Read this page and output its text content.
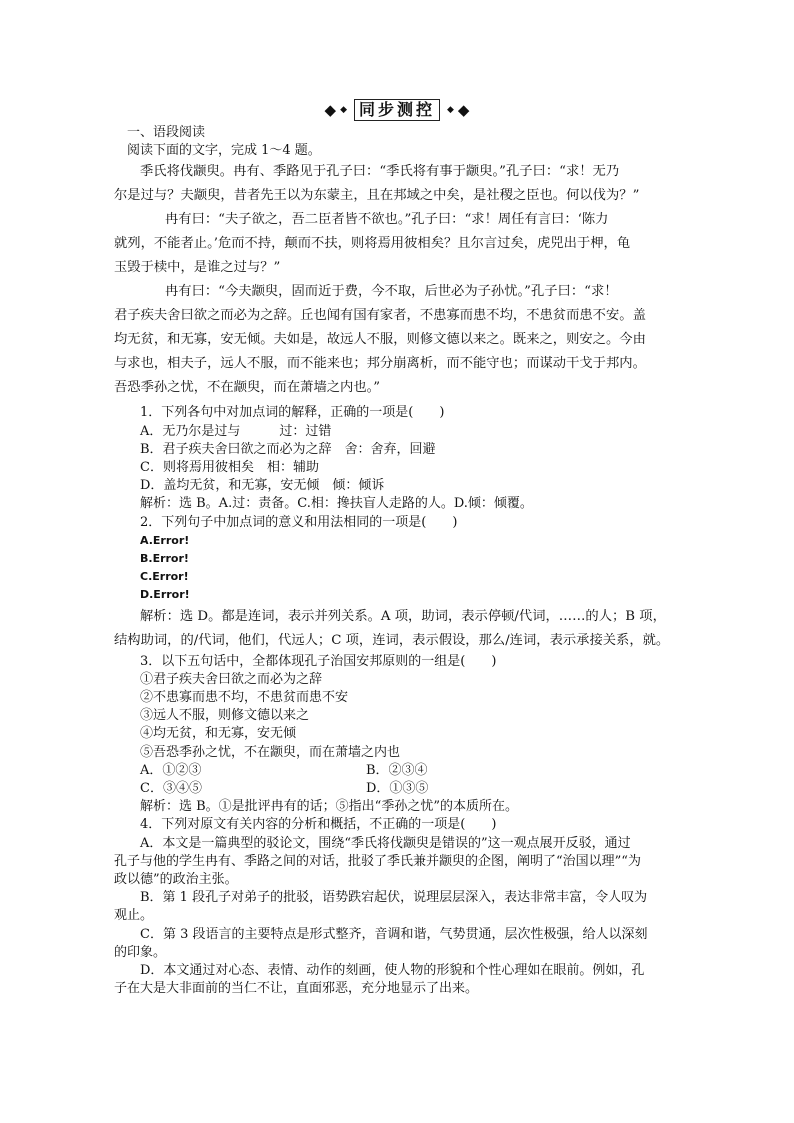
◆ ◆ 同步测控	◆ ◆
一、语段阅读
阅读下面的文字，完成 1～4 题。
季氏将伐颛臾。冉有、季路见于孔子曰：“季氏将有事于颛臾。”孔子曰：“求！无乃
尔是过与？夫颛臾，昔者先王以为东蒙主，且在邦域之中矣，是社稷之臣也。何以伐为？”
冉有曰：“夫子欲之，吾二臣者皆不欲也。”孔子曰：“求！周任有言曰：‘陈力
就列，不能者止。’危而不持，颠而不扶，则将焉用彼相矣？且尔言过矣，虎兕出于柙，龟
玉毁于椟中，是谁之过与？”
冉有曰：“今夫颛臾，固而近于费，今不取，后世必为子孙忧。”孔子曰：“求！
君子疾夫舍曰欲之而必为之辞。丘也闻有国有家者，不患寡而患不均，不患贫而患不安。盖
均无贫，和无寡，安无倾。夫如是，故远人不服，则修文德以来之。既来之，则安之。今由
与求也，相夫子，远人不服，而不能来也；邦分崩离析，而不能守也；而谋动干戈于邦内。
吾恐季孙之忧，不在颛臾，而在萧墙之内也。”
1．下列各句中对加点词的解释，正确的一项是(　　)
A．无乃尔是过与　　　过：过错
B．君子疾夫舍曰欲之而必为之辞　舍：舍弃，回避
C．则将焉用彼相矣　相：辅助
D．盖均无贫，和无寡，安无倾　倾：倾诉
解析：选 B。A.过：责备。C.相：搀扶盲人走路的人。D.倾：倾覆。
2．下列句子中加点词的意义和用法相同的一项是(　　)
A.Error!
B.Error!
C.Error!
D.Error!
解析：选 D。都是连词，表示并列关系。A 项，助词，表示停顿/代词，……的人；B 项，
结构助词，的/代词，他们，代远人；C 项，连词，表示假设，那么/连词，表示承接关系，就。
3．以下五句话中，全都体现孔子治国安邦原则的一组是(　　)
①君子疾夫舍曰欲之而必为之辞
②不患寡而患不均，不患贫而患不安
③远人不服，则修文德以来之
④均无贫，和无寡，安无倾
⑤吾恐季孙之忧，不在颛臾，而在萧墙之内也
A．①②③	B．②③④
C．③④⑤	D．①③⑤
解析：选 B。①是批评冉有的话；⑤指出“季孙之忧”的本质所在。
4．下列对原文有关内容的分析和概括，不正确的一项是(　　)
A．本文是一篇典型的驳论文，围绕“季氏将伐颛臾是错误的”这一观点展开反驳，通过
孔子与他的学生冉有、季路之间的对话，批驳了季氏兼并颛臾的企图，阐明了“治国以理”“为
政以德”的政治主张。
B．第 1 段孔子对弟子的批驳，语势跌宕起伏，说理层层深入，表达非常丰富，令人叹为
观止。
C．第 3 段语言的主要特点是形式整齐，音调和谐，气势贯通，层次性极强，给人以深刻
的印象。
D．本文通过对心态、表情、动作的刻画，使人物的形貌和个性心理如在眼前。例如，孔
子在大是大非面前的当仁不让，直面邪恶，充分地显示了出来。
